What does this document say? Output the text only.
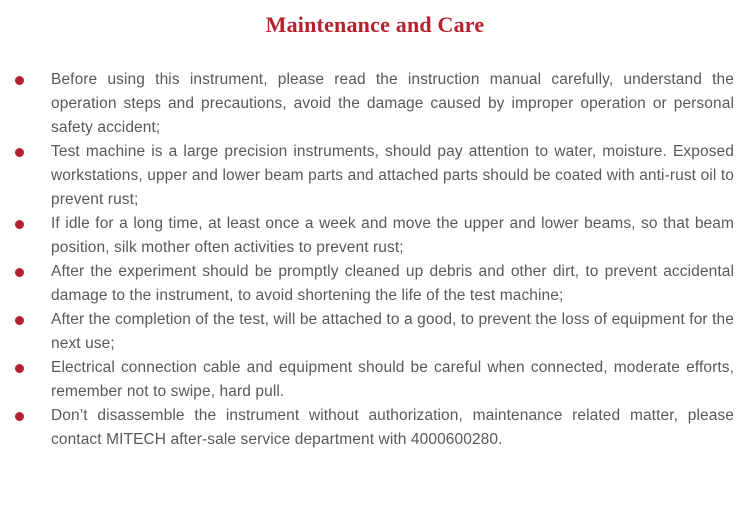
Maintenance and Care
Before using this instrument, please read the instruction manual carefully, understand the operation steps and precautions, avoid the damage caused by improper operation or personal safety accident;
Test machine is a large precision instruments, should pay attention to water, moisture. Exposed workstations, upper and lower beam parts and attached parts should be coated with anti-rust oil to prevent rust;
If idle for a long time, at least once a week and move the upper and lower beams, so that beam position, silk mother often activities to prevent rust;
After the experiment should be promptly cleaned up debris and other dirt, to prevent accidental damage to the instrument, to avoid shortening the life of the test machine;
After the completion of the test, will be attached to a good, to prevent the loss of equipment for the next use;
Electrical connection cable and equipment should be careful when connected, moderate efforts, remember not to swipe, hard pull.
Don’t disassemble the instrument without authorization, maintenance related matter, please contact MITECH after-sale service department with 4000600280.
